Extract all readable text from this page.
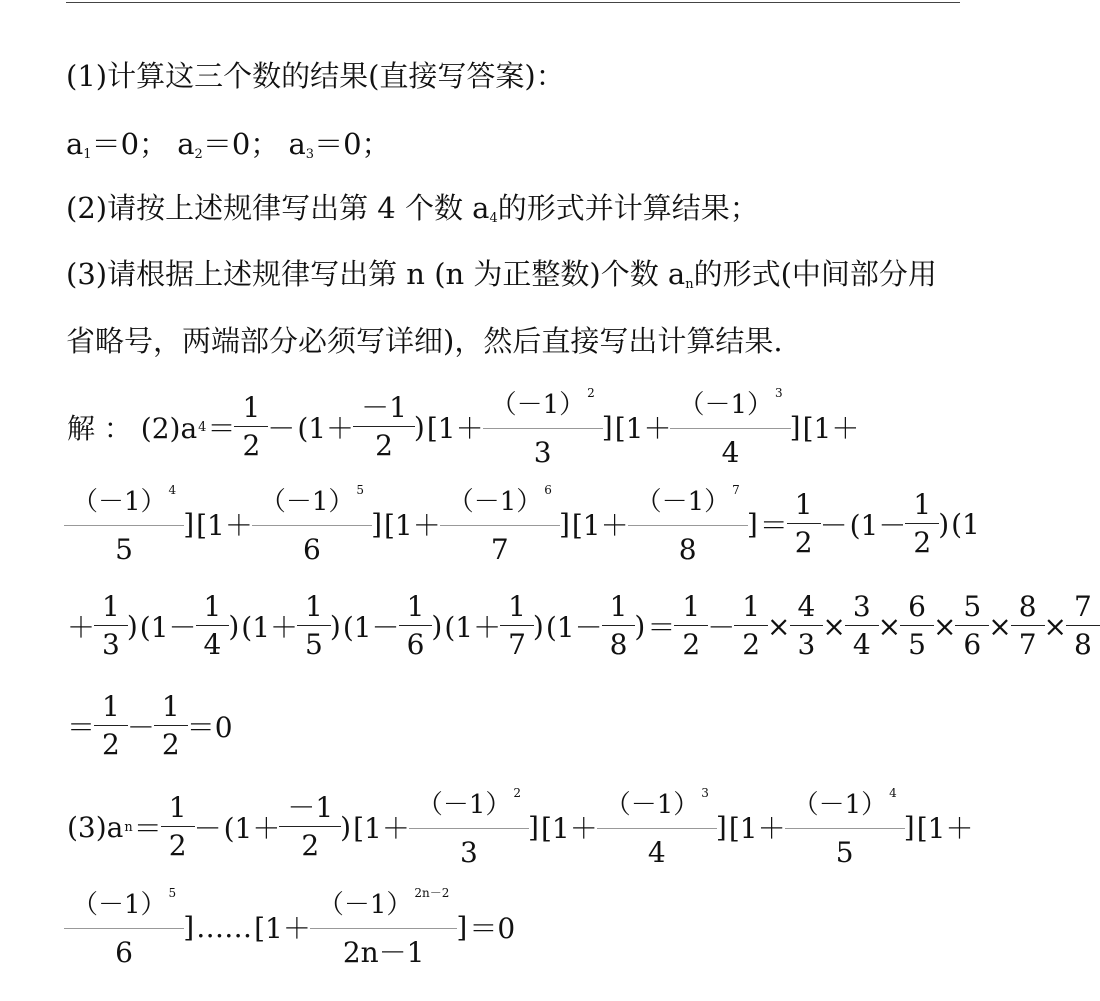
(1)计算这三个数的结果(直接写答案)：
$a_1=0$； $a_2=0$； $a_3=0$；
(2)请按上述规律写出第 4 个数 $a_4$的形式并计算结果；
(3)请根据上述规律写出第 n (n 为正整数)个数 $a_n$的形式(中间部分用
省略号，两端部分必须写详细)，然后直接写出计算结果.
解 ： (2)a $4 = \frac{1}{2} - (1+ \frac{-1}{2}$ ) [$1+ \frac{(-1) ^2}{3}$ ] [$1+ \frac{(-1) ^3}{4}$ ] [1＋
$\frac{(-1) ^4}{5}$ ] [$1+ \frac{(-1) ^5}{6}$ ] [$1+ \frac{(-1) ^6}{7}$ ] [$1+ \frac{(-1) ^7}{8}$ ] ＝ $\frac{1}{2} - (1- \frac{1}{2}$ ) (1
＋ $\frac{1}{3}$ ) ($1- \frac{1}{4}$ ) ($1+ \frac{1}{5}$ ) ($1- \frac{1}{6}$ ) ($1+ \frac{1}{7}$ ) ($1- \frac{1}{8}$ ) ＝ $\frac{1}{2} - \frac{1}{2} \times \frac{4}{3} \times \frac{3}{4} \times \frac{6}{5} \times \frac{5}{6} \times \frac{8}{7} \times \frac{7}{8}$
＝ $\frac{1}{2} - \frac{1}{2} =0$
(3)a $n = \frac{1}{2} - (1+ \frac{-1}{2}$ ) [$1+ \frac{(-1) ^2}{3}$ ] [$1+ \frac{(-1) ^3}{4}$ ] [$1+ \frac{(-1) ^4}{5}$ ] [1＋
$\frac{(-1) ^5}{6}$ ] …… [$1+ \frac{(-1) ^{2n-2}}{2n-1}$ ] ＝0
